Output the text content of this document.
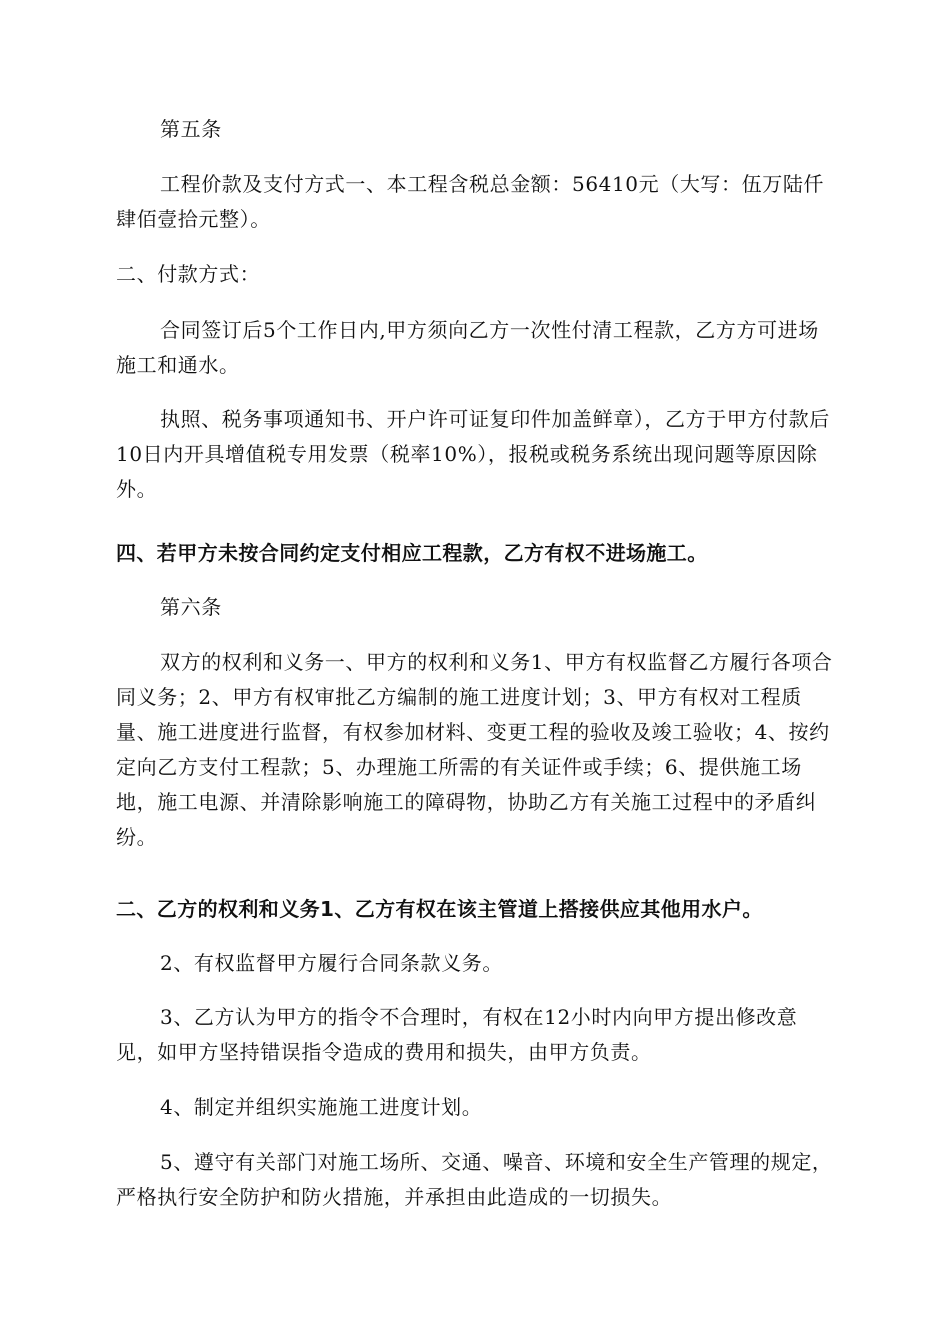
第五条

工程价款及支付方式一、本工程含税总金额：56410元（大写：伍万陆仟肆佰壹拾元整）。

二、付款方式：

合同签订后5个工作日内,甲方须向乙方一次性付清工程款，乙方方可进场施工和通水。

执照、税务事项通知书、开户许可证复印件加盖鲜章），乙方于甲方付款后10日内开具增值税专用发票（税率10%），报税或税务系统出现问题等原因除外。

四、若甲方未按合同约定支付相应工程款，乙方有权不进场施工。

第六条

双方的权利和义务一、甲方的权利和义务1、甲方有权监督乙方履行各项合同义务；2、甲方有权审批乙方编制的施工进度计划；3、甲方有权对工程质量、施工进度进行监督，有权参加材料、变更工程的验收及竣工验收；4、按约定向乙方支付工程款；5、办理施工所需的有关证件或手续；6、提供施工场地，施工电源、并清除影响施工的障碍物，协助乙方有关施工过程中的矛盾纠纷。

二、乙方的权利和义务1、乙方有权在该主管道上搭接供应其他用水户。

2、有权监督甲方履行合同条款义务。

3、乙方认为甲方的指令不合理时，有权在12小时内向甲方提出修改意见，如甲方坚持错误指令造成的费用和损失，由甲方负责。

4、制定并组织实施施工进度计划。

5、遵守有关部门对施工场所、交通、噪音、环境和安全生产管理的规定，严格执行安全防护和防火措施，并承担由此造成的一切损失。
